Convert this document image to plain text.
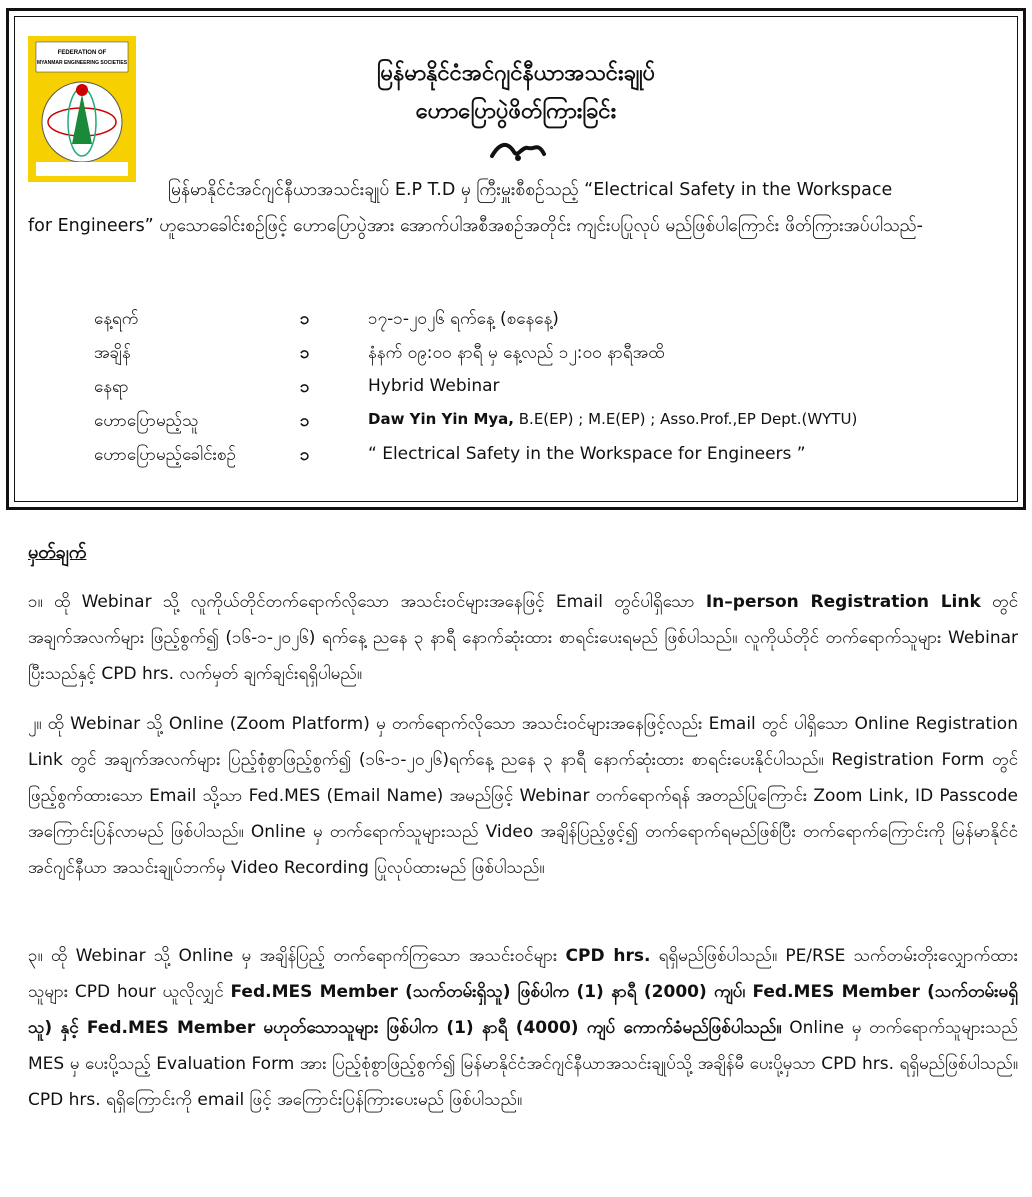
FEDERATION OF
MYANMAR ENGINEERING SOCIETIES	မြန်မာနိုင်ငံအင်ဂျင်နီယာအသင်းချုပ်
ဟောပြောပွဲဖိတ်ကြားခြင်း
မြန်မာနိုင်ငံအင်ဂျင်နီယာအသင်းချုပ် E.P T.D မှ ကြီးမှူးစီစဉ်သည့် “Electrical Safety in the Workspace
for Engineers” ဟူသောခေါင်းစဉ်ဖြင့် ဟောပြောပွဲအား အောက်ပါအစီအစဉ်အတိုင်း ကျင်းပပြုလုပ် မည်ဖြစ်ပါကြောင်း ဖိတ်ကြားအပ်ပါသည်-
နေ့ရက်	၁	၁၇-၁-၂၀၂၆ ရက်နေ့ (စနေနေ့)
အချိန်	၁	နံနက် ၀၉:၀၀ နာရီ မှ နေ့လည် ၁၂:၀၀ နာရီအထိ
နေရာ	၁	Hybrid Webinar
ဟောပြောမည့်သူ	၁	Daw Yin Yin Mya, B.E(EP) ; M.E(EP) ; Asso.Prof.,EP Dept.(WYTU)
ဟောပြောမည့်ခေါင်းစဉ်	၁	“ Electrical Safety in the Workspace for Engineers ”
မှတ်ချက်
၁။ ထို Webinar သို့ လူကိုယ်တိုင်တက်ရောက်လိုသော အသင်းဝင်များအနေဖြင့် Email တွင်ပါရှိသော In–person Registration Link တွင် အချက်အလက်များ ဖြည့်စွက်၍ (၁၆-၁-၂၀၂၆) ရက်နေ့ ညနေ ၃ နာရီ နောက်ဆုံးထား စာရင်းပေးရမည် ဖြစ်ပါသည်။ လူကိုယ်တိုင် တက်ရောက်သူများ Webinar ပြီးသည်နှင့် CPD hrs. လက်မှတ် ချက်ချင်းရရှိပါမည်။
၂။ ထို Webinar သို့ Online (Zoom Platform) မှ တက်ရောက်လိုသော အသင်းဝင်များအနေဖြင့်လည်း Email တွင် ပါရှိသော Online Registration Link တွင် အချက်အလက်များ ပြည့်စုံစွာဖြည့်စွက်၍ (၁၆-၁-၂၀၂၆)ရက်နေ့ ညနေ ၃ နာရီ နောက်ဆုံးထား စာရင်းပေးနိုင်ပါသည်။ Registration Form တွင် ဖြည့်စွက်ထားသော Email သို့သာ Fed.MES (Email Name) အမည်ဖြင့် Webinar တက်ရောက်ရန် အတည်ပြုကြောင်း Zoom Link, ID Passcode အကြောင်းပြန်လာမည် ဖြစ်ပါသည်။ Online မှ တက်ရောက်သူများသည် Video အချိန်ပြည့်ဖွင့်၍ တက်ရောက်ရမည်ဖြစ်ပြီး တက်ရောက်ကြောင်းကို မြန်မာနိုင်ငံအင်ဂျင်နီယာ အသင်းချုပ်ဘက်မှ Video Recording ပြုလုပ်ထားမည် ဖြစ်ပါသည်။
၃။ ထို Webinar သို့ Online မှ အချိန်ပြည့် တက်ရောက်ကြသော အသင်းဝင်များ CPD hrs. ရရှိမည်ဖြစ်ပါသည်။ PE/RSE သက်တမ်းတိုးလျှောက်ထားသူများ CPD hour ယူလိုလျှင် Fed.MES Member (သက်တမ်းရှိသူ) ဖြစ်ပါက (1) နာရီ (2000) ကျပ်၊ Fed.MES Member (သက်တမ်းမရှိသူ) နှင့် Fed.MES Member မဟုတ်သောသူများ ဖြစ်ပါက (1) နာရီ (4000) ကျပ် ကောက်ခံမည်ဖြစ်ပါသည်။ Online မှ တက်ရောက်သူများသည် MES မှ ပေးပို့သည့် Evaluation Form အား ပြည့်စုံစွာဖြည့်စွက်၍ မြန်မာနိုင်ငံအင်ဂျင်နီယာအသင်းချုပ်သို့ အချိန်မီ ပေးပို့မှသာ CPD hrs. ရရှိမည်ဖြစ်ပါသည်။ CPD hrs. ရရှိကြောင်းကို email ဖြင့် အကြောင်းပြန်ကြားပေးမည် ဖြစ်ပါသည်။
